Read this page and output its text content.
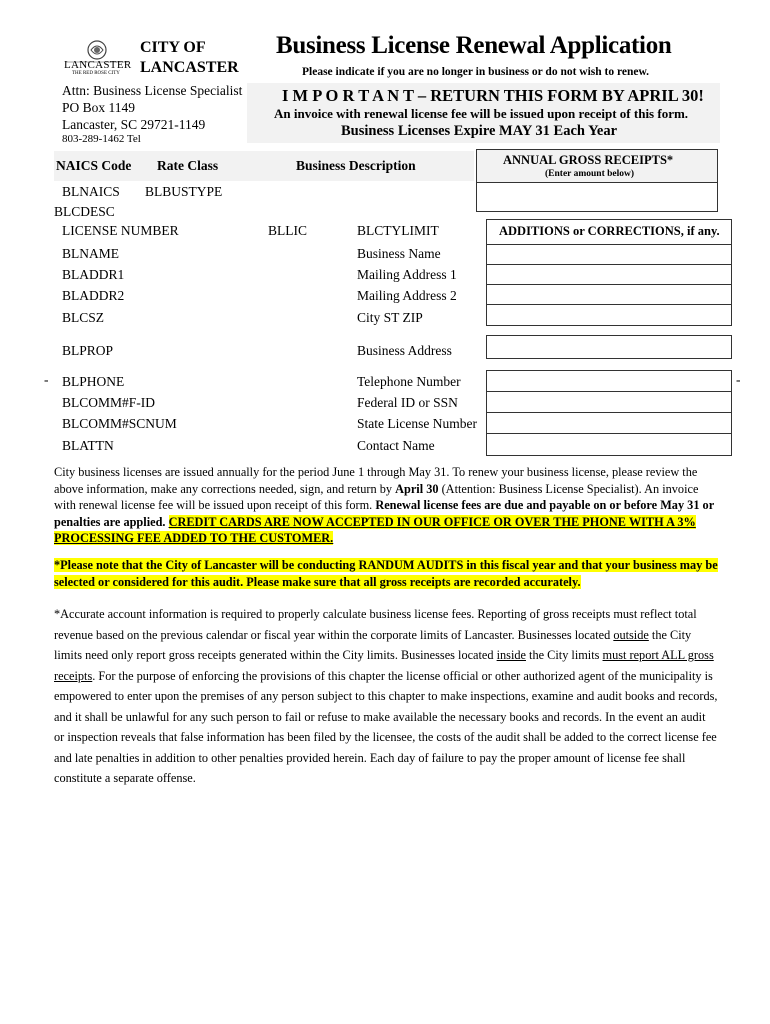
LANCASTER
THE RED ROSE CITY
CITY OF
LANCASTER
Business License Renewal Application
Please indicate if you are no longer in business or do not wish to renew.
Attn: Business License Specialist
PO Box 1149
Lancaster, SC 29721-1149
803-289-1462 Tel
I M P O R T A N T – RETURN THIS FORM BY APRIL 30!
An invoice with renewal license fee will be issued upon receipt of this form.
Business Licenses Expire MAY 31 Each Year
NAICS Code Rate Class	Business Description	ANNUAL GROSS RECEIPTS*
(Enter amount below)
BLNAICS BLBUSTYPE
BLCDESC
LICENSE NUMBER	BLLIC	BLCTYLIMIT	ADDITIONS or CORRECTIONS, if any.
BLNAME	Business Name
BLADDR1	Mailing Address 1
BLADDR2	Mailing Address 2
BLCSZ	City ST ZIP
BLPROP	Business Address
-	-
BLPHONE	Telephone Number
BLCOMM#F-ID	Federal ID or SSN
BLCOMM#SCNUM	State License Number
BLATTN	Contact Name
City business licenses are issued annually for the period June 1 through May 31. To renew your business license, please review the above information, make any corrections needed, sign, and return by April 30 (Attention: Business License Specialist). An invoice with renewal license fee will be issued upon receipt of this form. Renewal license fees are due and payable on or before May 31 or penalties are applied. CREDIT CARDS ARE NOW ACCEPTED IN OUR OFFICE OR OVER THE PHONE WITH A 3% PROCESSING FEE ADDED TO THE CUSTOMER.
*Please note that the City of Lancaster will be conducting RANDUM AUDITS in this fiscal year and that your business may be selected or considered for this audit. Please make sure that all gross receipts are recorded accurately.
*Accurate account information is required to properly calculate business license fees. Reporting of gross receipts must reflect total revenue based on the previous calendar or fiscal year within the corporate limits of Lancaster. Businesses located outside the City limits need only report gross receipts generated within the City limits. Businesses located inside the City limits must report ALL gross receipts. For the purpose of enforcing the provisions of this chapter the license official or other authorized agent of the municipality is empowered to enter upon the premises of any person subject to this chapter to make inspections, examine and audit books and records, and it shall be unlawful for any such person to fail or refuse to make available the necessary books and records. In the event an audit or inspection reveals that false information has been filed by the licensee, the costs of the audit shall be added to the correct license fee and late penalties in addition to other penalties provided herein. Each day of failure to pay the proper amount of license fee shall constitute a separate offense.
